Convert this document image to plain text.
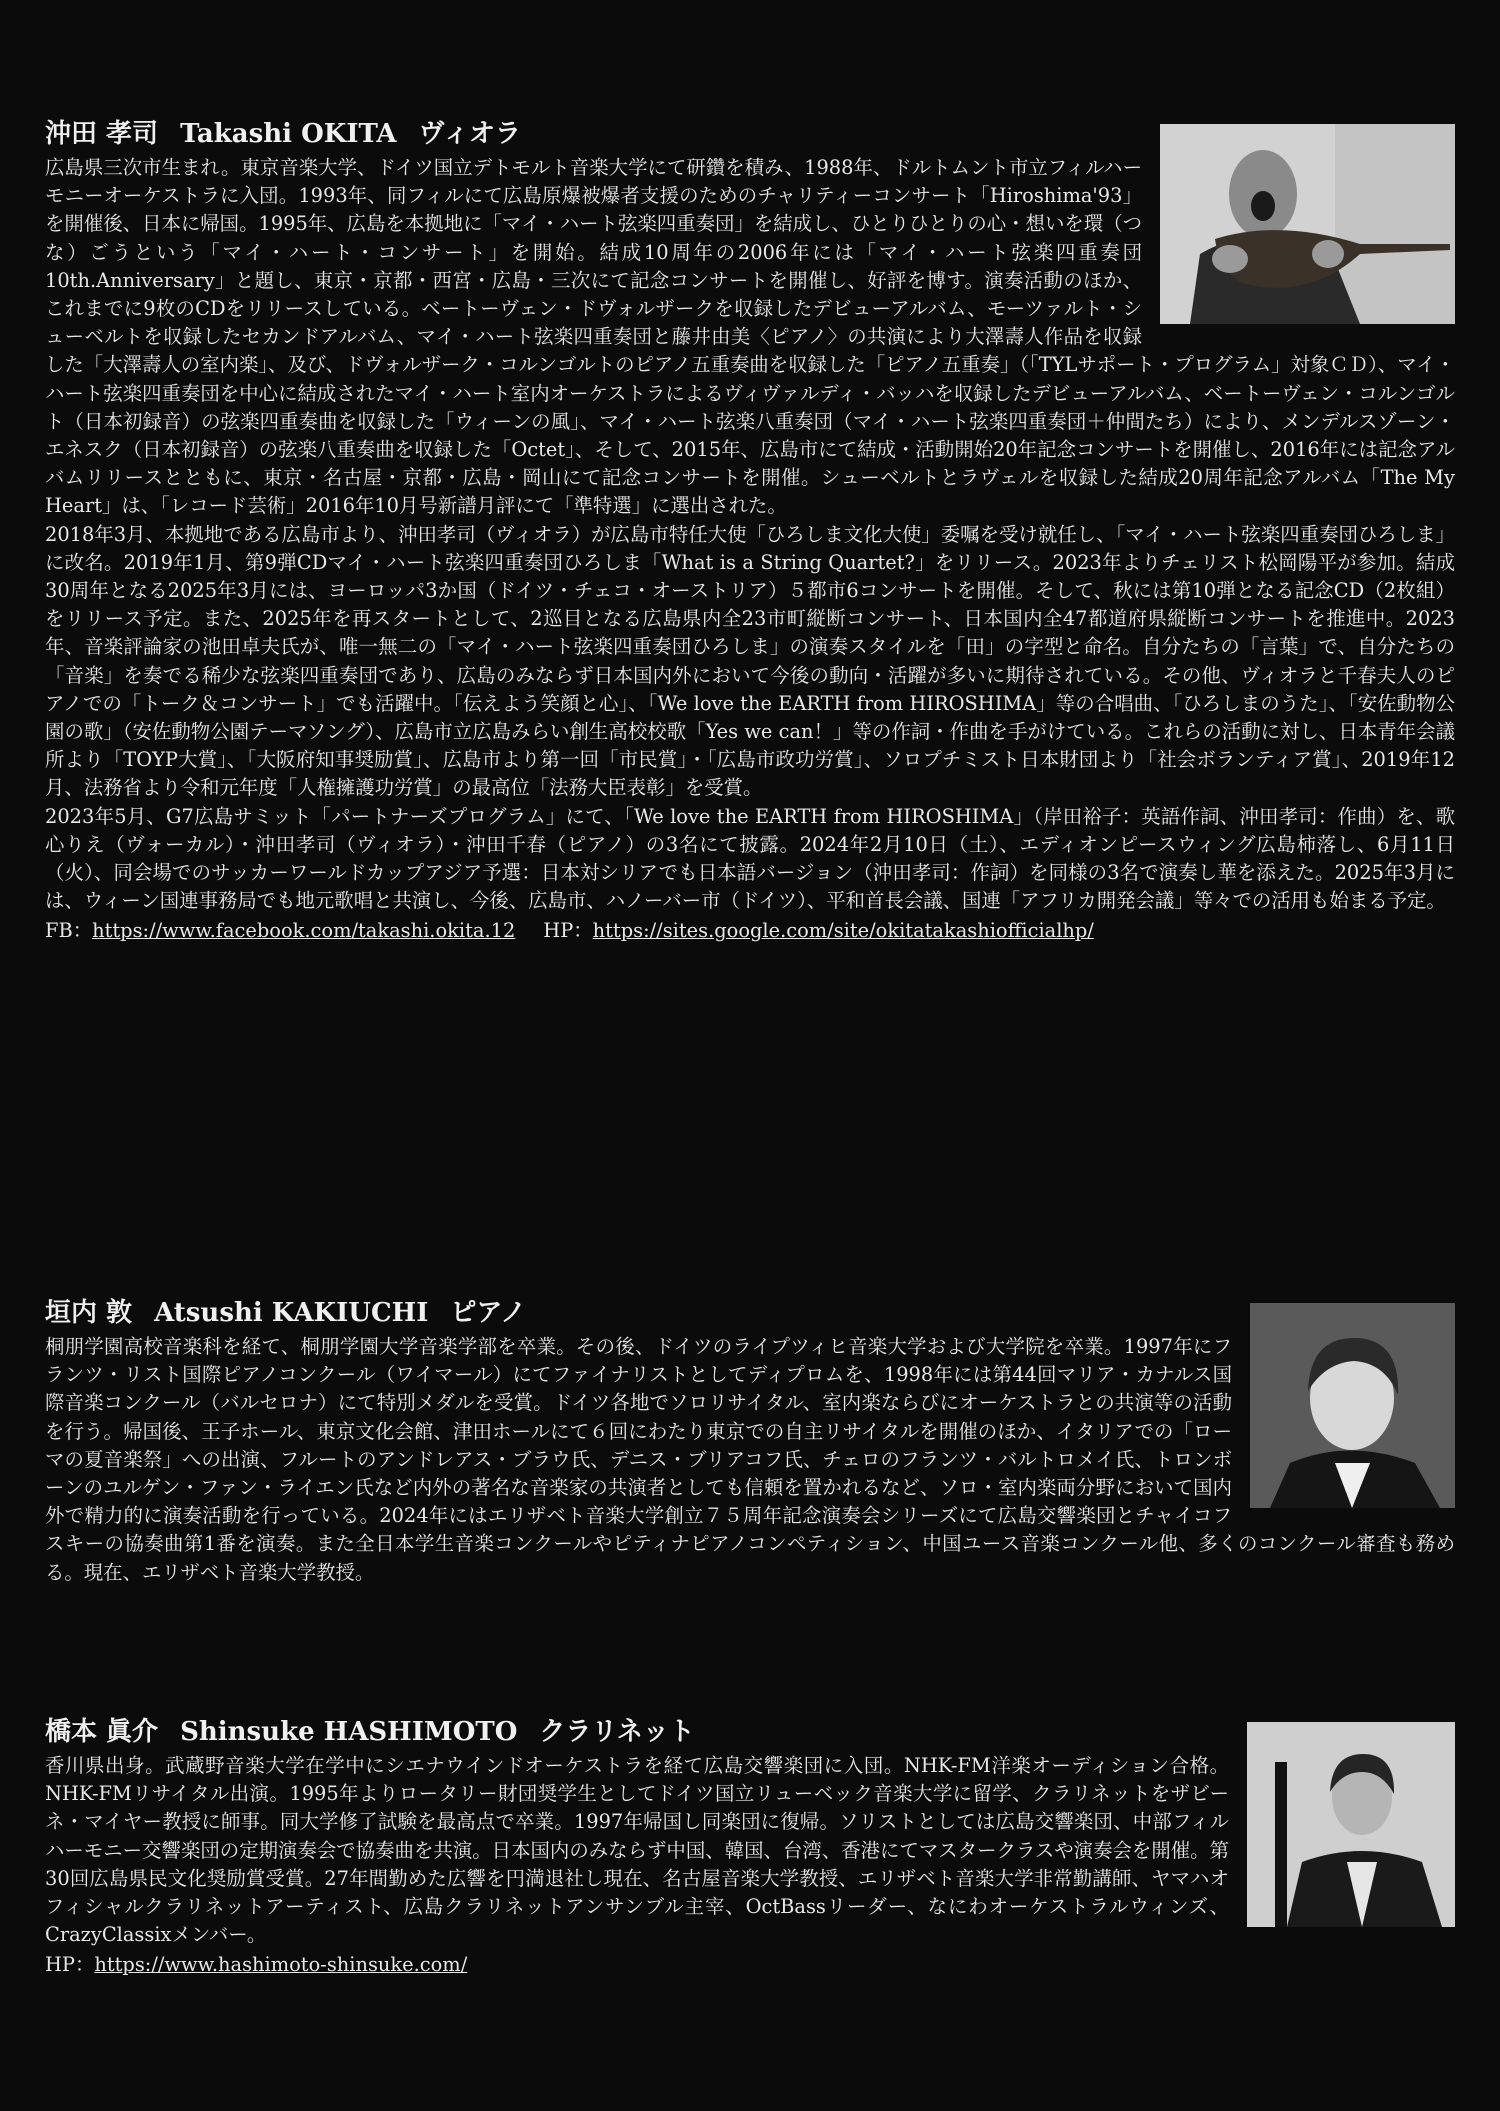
沖田 孝司 Takashi OKITA ヴィオラ

広島県三次市生まれ。東京音楽大学、ドイツ国立デトモルト音楽大学にて研鑽を積み、1988年、ドルトムント市立フィルハーモニーオーケストラに入団。1993年、同フィルにて広島原爆被爆者支援のためのチャリティーコンサート「Hiroshima'93」を開催後、日本に帰国。1995年、広島を本拠地に「マイ・ハート弦楽四重奏団」を結成し、ひとりひとりの心・想いを環（つな）ごうという「マイ・ハート・コンサート」を開始。結成10周年の2006年には「マイ・ハート弦楽四重奏団10th.Anniversary」と題し、東京・京都・西宮・広島・三次にて記念コンサートを開催し、好評を博す。演奏活動のほか、これまでに9枚のCDをリリースしている。ベートーヴェン・ドヴォルザークを収録したデビューアルバム、モーツァルト・シューベルトを収録したセカンドアルバム、マイ・ハート弦楽四重奏団と藤井由美〈ピアノ〉の共演により大澤壽人作品を収録した「大澤壽人の室内楽」、及び、ドヴォルザーク・コルンゴルトのピアノ五重奏曲を収録した「ピアノ五重奏」（「TYLサポート・プログラム」対象ＣＤ）、マイ・ハート弦楽四重奏団を中心に結成されたマイ・ハート室内オーケストラによるヴィヴァルディ・バッハを収録したデビューアルバム、ベートーヴェン・コルンゴルト（日本初録音）の弦楽四重奏曲を収録した「ウィーンの風」、マイ・ハート弦楽八重奏団（マイ・ハート弦楽四重奏団＋仲間たち）により、メンデルスゾーン・エネスク（日本初録音）の弦楽八重奏曲を収録した「Octet」、そして、2015年、広島市にて結成・活動開始20年記念コンサートを開催し、2016年には記念アルバムリリースとともに、東京・名古屋・京都・広島・岡山にて記念コンサートを開催。シューベルトとラヴェルを収録した結成20周年記念アルバム「The My Heart」は、「レコード芸術」2016年10月号新譜月評にて「準特選」に選出された。

2018年3月、本拠地である広島市より、沖田孝司（ヴィオラ）が広島市特任大使「ひろしま文化大使」委嘱を受け就任し、「マイ・ハート弦楽四重奏団ひろしま」に改名。2019年1月、第9弾CDマイ・ハート弦楽四重奏団ひろしま「What is a String Quartet?」をリリース。2023年よりチェリスト松岡陽平が参加。結成30周年となる2025年3月には、ヨーロッパ3か国（ドイツ・チェコ・オーストリア）５都市6コンサートを開催。そして、秋には第10弾となる記念CD（2枚組）をリリース予定。また、2025年を再スタートとして、2巡目となる広島県内全23市町縦断コンサート、日本国内全47都道府県縦断コンサートを推進中。2023年、音楽評論家の池田卓夫氏が、唯一無二の「マイ・ハート弦楽四重奏団ひろしま」の演奏スタイルを「田」の字型と命名。自分たちの「言葉」で、自分たちの「音楽」を奏でる稀少な弦楽四重奏団であり、広島のみならず日本国内外において今後の動向・活躍が多いに期待されている。その他、ヴィオラと千春夫人のピアノでの「トーク＆コンサート」でも活躍中。「伝えよう笑顔と心」、「We love the EARTH from HIROSHIMA」等の合唱曲、「ひろしまのうた」、「安佐動物公園の歌」（安佐動物公園テーマソング）、広島市立広島みらい創生高校校歌「Yes we can！」等の作詞・作曲を手がけている。これらの活動に対し、日本青年会議所より「TOYP大賞」、「大阪府知事奨励賞」、広島市より第一回「市民賞」・「広島市政功労賞」、ソロプチミスト日本財団より「社会ボランティア賞」、2019年12月、法務省より令和元年度「人権擁護功労賞」の最高位「法務大臣表彰」を受賞。

2023年5月、G7広島サミット「パートナーズプログラム」にて、「We love the EARTH from HIROSHIMA」（岸田裕子：英語作詞、沖田孝司：作曲）を、歌心りえ（ヴォーカル）・沖田孝司（ヴィオラ）・沖田千春（ピアノ）の3名にて披露。2024年2月10日（土）、エディオンピースウィング広島柿落し、6月11日（火）、同会場でのサッカーワールドカップアジア予選：日本対シリアでも日本語バージョン（沖田孝司：作詞）を同様の3名で演奏し華を添えた。2025年3月には、ウィーン国連事務局でも地元歌唱と共演し、今後、広島市、ハノーバー市（ドイツ）、平和首長会議、国連「アフリカ開発会議」等々での活用も始まる予定。

FB：https://www.facebook.com/takashi.okita.12 HP：https://sites.google.com/site/okitatakashiofficialhp/
垣内 敦 Atsushi KAKIUCHI ピアノ

桐朋学園高校音楽科を経て、桐朋学園大学音楽学部を卒業。その後、ドイツのライプツィヒ音楽大学および大学院を卒業。1997年にフランツ・リスト国際ピアノコンクール（ワイマール）にてファイナリストとしてディプロムを、1998年には第44回マリア・カナルス国際音楽コンクール（バルセロナ）にて特別メダルを受賞。ドイツ各地でソロリサイタル、室内楽ならびにオーケストラとの共演等の活動を行う。帰国後、王子ホール、東京文化会館、津田ホールにて６回にわたり東京での自主リサイタルを開催のほか、イタリアでの「ローマの夏音楽祭」への出演、フルートのアンドレアス・ブラウ氏、デニス・ブリアコフ氏、チェロのフランツ・バルトロメイ氏、トロンボーンのユルゲン・ファン・ライエン氏など内外の著名な音楽家の共演者としても信頼を置かれるなど、ソロ・室内楽両分野において国内外で精力的に演奏活動を行っている。2024年にはエリザベト音楽大学創立７５周年記念演奏会シリーズにて広島交響楽団とチャイコフスキーの協奏曲第1番を演奏。また全日本学生音楽コンクールやピティナピアノコンペティション、中国ユース音楽コンクール他、多くのコンクール審査も務める。現在、エリザベト音楽大学教授。

橋本 眞介 Shinsuke HASHIMOTO クラリネット

香川県出身。武蔵野音楽大学在学中にシエナウインドオーケストラを経て広島交響楽団に入団。NHK-FM洋楽オーディション合格。NHK-FMリサイタル出演。1995年よりロータリー財団奨学生としてドイツ国立リューベック音楽大学に留学、クラリネットをザビーネ・マイヤー教授に師事。同大学修了試験を最高点で卒業。1997年帰国し同楽団に復帰。ソリストとしては広島交響楽団、中部フィルハーモニー交響楽団の定期演奏会で協奏曲を共演。日本国内のみならず中国、韓国、台湾、香港にてマスタークラスや演奏会を開催。第30回広島県民文化奨励賞受賞。27年間勤めた広響を円満退社し現在、名古屋音楽大学教授、エリザベト音楽大学非常勤講師、ヤマハオフィシャルクラリネットアーティスト、広島クラリネットアンサンブル主宰、OctBassリーダー、なにわオーケストラルウィンズ、CrazyClassixメンバー。

HP：https://www.hashimoto-shinsuke.com/
